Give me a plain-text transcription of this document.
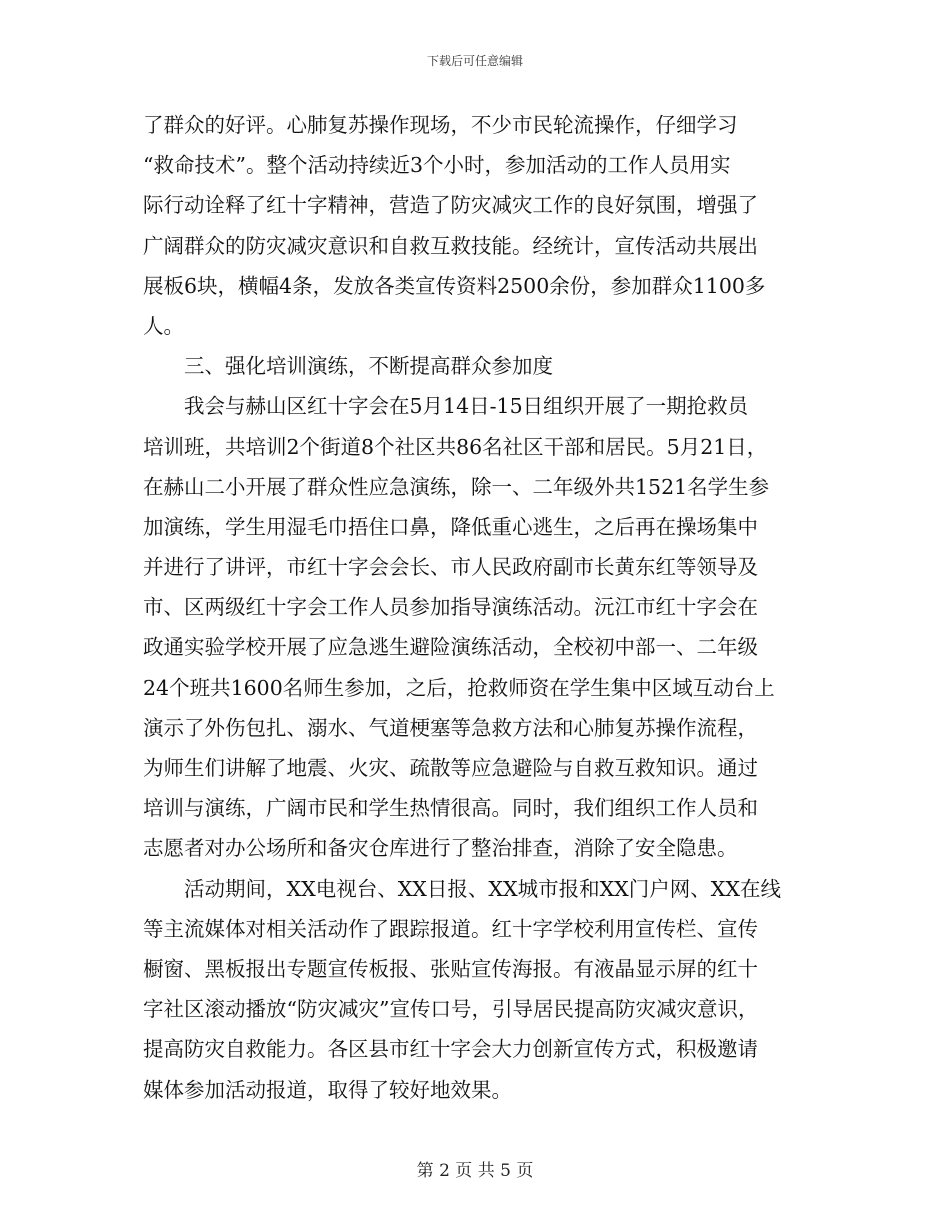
下载后可任意编辑
了群众的好评。心肺复苏操作现场，不少市民轮流操作，仔细学习
“救命技术”。整个活动持续近3个小时，参加活动的工作人员用实
际行动诠释了红十字精神，营造了防灾减灾工作的良好氛围，增强了
广阔群众的防灾减灾意识和自救互救技能。经统计，宣传活动共展出
展板6块，横幅4条，发放各类宣传资料2500余份，参加群众1100多
人。
三、强化培训演练，不断提高群众参加度
我会与赫山区红十字会在5月14日-15日组织开展了一期抢救员
培训班，共培训2个街道8个社区共86名社区干部和居民。5月21日，
在赫山二小开展了群众性应急演练，除一、二年级外共1521名学生参
加演练，学生用湿毛巾捂住口鼻，降低重心逃生，之后再在操场集中
并进行了讲评，市红十字会会长、市人民政府副市长黄东红等领导及
市、区两级红十字会工作人员参加指导演练活动。沅江市红十字会在
政通实验学校开展了应急逃生避险演练活动，全校初中部一、二年级
24个班共1600名师生参加，之后，抢救师资在学生集中区域互动台上
演示了外伤包扎、溺水、气道梗塞等急救方法和心肺复苏操作流程，
为师生们讲解了地震、火灾、疏散等应急避险与自救互救知识。通过
培训与演练，广阔市民和学生热情很高。同时，我们组织工作人员和
志愿者对办公场所和备灾仓库进行了整治排查，消除了安全隐患。
活动期间，XX电视台、XX日报、XX城市报和XX门户网、XX在线
等主流媒体对相关活动作了跟踪报道。红十字学校利用宣传栏、宣传
橱窗、黑板报出专题宣传板报、张贴宣传海报。有液晶显示屏的红十
字社区滚动播放“防灾减灾”宣传口号，引导居民提高防灾减灾意识，
提高防灾自救能力。各区县市红十字会大力创新宣传方式，积极邀请
媒体参加活动报道，取得了较好地效果。
第 2 页 共 5 页
